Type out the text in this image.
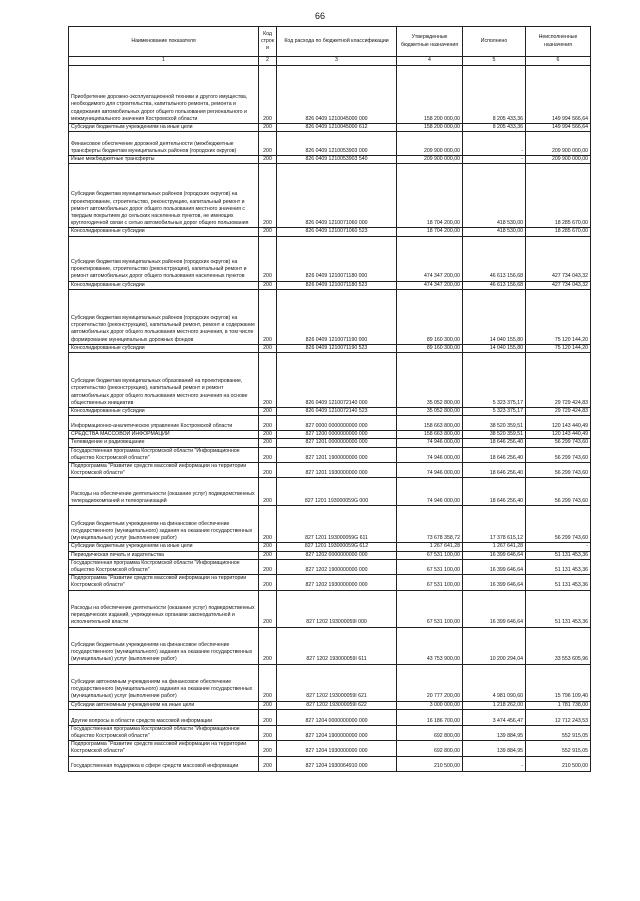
66
Наименование показателя	Код строк и	Код расхода по бюджетной классификации	Утвержденные бюджетные назначения	Исполнено	Неисполненные назначения
1	2	3	4	5	6
Приобретение дорожно-эксплуатационной техники и другого имущества, необходимого для строительства, капитального ремонта, ремонта и содержания автомобильных дорог общего пользования регионального и межмуниципального значения Костромской области	200	826 0409 1210045000 000	158 200 000,00	8 205 433,36	149 994 566,64
Субсидии бюджетным учреждениям на иные цели	200	826 0409 1210045000 612	158 200 000,00	8 205 433,36	149 994 566,64
Финансовое обеспечение дорожной деятельности (межбюджетные трансферты бюджетам муниципальных районов (городских округов)	200	826 0409 1210053903 000	209 900 000,00	-	209 900 000,00
Иные межбюджетные трансферты	200	826 0409 1210053903 540	209 900 000,00	-	209 900 000,00
Субсидии бюджетам муниципальных районов (городских округов) на проектирование, строительство, реконструкцию, капитальный ремонт и ремонт автомобильных дорог общего пользования местного значения с твердым покрытием до сельских населенных пунктов, не имеющих круглогодичной связи с сетью автомобильных дорог общего пользования	200	826 0409 1210071060 000	18 704 200,00	418 530,00	18 285 670,00
Консолидированные субсидии	200	826 0409 1210071060 523	18 704 200,00	418 530,00	18 285 670,00
Субсидии бюджетам муниципальных районов (городских округов) на проектирование, строительство (реконструкцию), капитальный ремонт и ремонт автомобильных дорог общего пользования населенных пунктов	200	826 0409 1210071180 000	474 347 200,00	46 613 156,68	427 734 043,32
Консолидированные субсидии	200	826 0409 1210071180 523	474 347 200,00	46 613 156,68	427 734 043,32
Субсидии бюджетам муниципальных районов (городских округов) на строительство (реконструкцию), капитальный ремонт, ремонт и содержание автомобильных дорог общего пользования местного значения, в том числе формирование муниципальных дорожных фондов	200	826 0409 1210071190 000	89 160 300,00	14 040 155,80	75 120 144,20
Консолидированные субсидии	200	826 0409 1210071190 523	89 160 300,00	14 040 155,80	75 120 144,20
Субсидии бюджетам муниципальных образований на проектирование, строительство (реконструкцию), капитальный ремонт и ремонт автомобильных дорог общего пользования местного значения на основе общественных инициатив	200	826 0409 1210072140 000	35 052 800,00	5 323 375,17	29 729 424,83
Консолидированные субсидии	200	826 0409 1210072140 523	35 052 800,00	5 323 375,17	29 729 424,83
Информационно-аналитическое управление Костромской области	200	827 0000 0000000000 000	158 663 800,00	38 520 359,51	120 143 440,49
СРЕДСТВА МАССОВОЙ ИНФОРМАЦИИ	200	827 1200 0000000000 000	158 663 800,00	38 520 359,51	120 143 440,49
Телевидение и радиовещание	200	827 1201 0000000000 000	74 946 000,00	18 646 256,40	56 299 743,60
Государственная программа Костромской области "Информационное общество Костромской области"	200	827 1201 1900000000 000	74 946 000,00	18 646 256,40	56 299 743,60
Подпрограмма "Развитие средств массовой информации на территории Костромской области"	200	827 1201 1930000000 000	74 946 000,00	18 646 256,40	56 299 743,60
Расходы на обеспечение деятельности (оказание услуг) подведомственных телерадиокомпаний и телеорганизаций	200	827 1201 193000059G 000	74 946 000,00	18 646 256,40	56 299 743,60
Субсидии бюджетным учреждениям на финансовое обеспечение государственного (муниципального) задания на оказание государственных (муниципальных) услуг (выполнение работ)	200	827 1201 193000059G 611	73 678 358,72	17 378 615,12	56 299 743,60
Субсидии бюджетным учреждениям на иные цели	200	827 1201 193000059G 612	1 267 641,28	1 267 641,28	-
Периодическая печать и издательства	200	827 1202 0000000000 000	67 531 100,00	16 399 646,64	51 131 453,36
Государственная программа Костромской области "Информационное общество Костромской области"	200	827 1202 1900000000 000	67 531 100,00	16 399 646,64	51 131 453,36
Подпрограмма "Развитие средств массовой информации на территории Костромской области"	200	827 1202 1930000000 000	67 531 100,00	16 399 646,64	51 131 453,36
Расходы на обеспечение деятельности (оказание услуг) подведомственных периодических изданий, учрежденных органами законодательной и исполнительной власти	200	827 1202 193000059I 000	67 531 100,00	16 399 646,64	51 131 453,36
Субсидии бюджетным учреждениям на финансовое обеспечение государственного (муниципального) задания на оказание государственных (муниципальных) услуг (выполнение работ)	200	827 1202 193000059I 611	43 753 900,00	10 200 294,04	33 553 605,96
Субсидии автономным учреждениям на финансовое обеспечение государственного (муниципального) задания на оказание государственных (муниципальных) услуг (выполнение работ)	200	827 1202 193000059I 621	20 777 200,00	4 981 090,60	15 796 109,40
Субсидии автономным учреждениям на иные цели	200	827 1202 193000059I 622	3 000 000,00	1 218 262,00	1 781 738,00
Другие вопросы в области средств массовой информации	200	827 1204 0000000000 000	16 186 700,00	3 474 456,47	12 712 243,53
Государственная программа Костромской области "Информационное общество Костромской области"	200	827 1204 1900000000 000	692 800,00	139 884,95	552 915,05
Подпрограмма "Развитие средств массовой информации на территории Костромской области"	200	827 1204 1930000000 000	692 800,00	139 884,95	552 915,05
Государственная поддержка в сфере средств массовой информации	200	827 1204 1930064910 000	210 500,00	-	210 500,00
